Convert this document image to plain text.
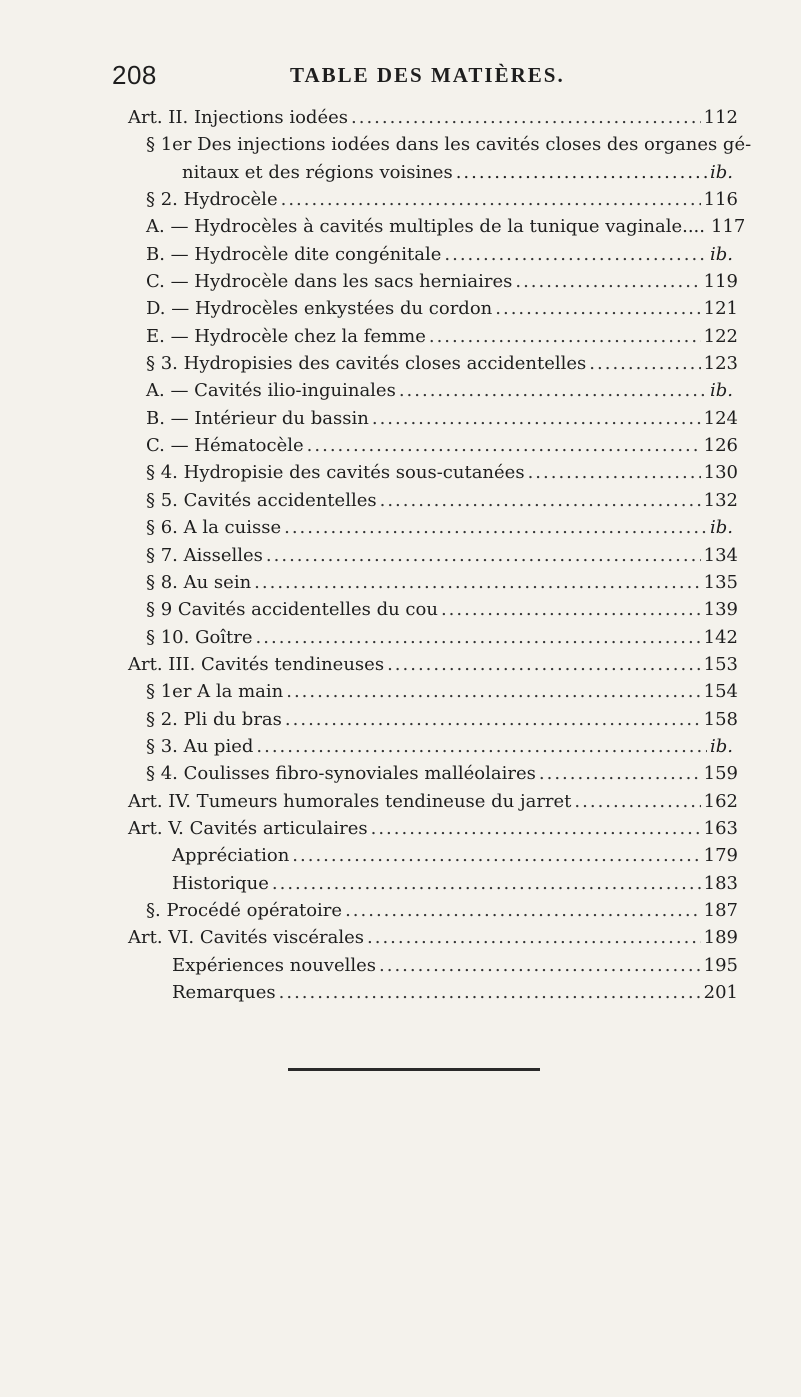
208	TABLE DES MATIÈRES.
Art. II. Injections iodées .....	112
§ 1er Des injections iodées dans les cavités closes des organes gé-
nitaux et des régions voisines .....	ib.
§ 2. Hydrocèle .....	116
A. — Hydrocèles à cavités multiples de la tunique vaginale.... 117
B. — Hydrocèle dite congénitale .....	ib.
C. — Hydrocèle dans les sacs herniaires .....	119
D. — Hydrocèles enkystées du cordon .....	121
E. — Hydrocèle chez la femme .....	122
§ 3. Hydropisies des cavités closes accidentelles .....	123
A. — Cavités ilio-inguinales .....	ib.
B. — Intérieur du bassin .....	124
C. — Hématocèle .....	126
§ 4. Hydropisie des cavités sous-cutanées .....	130
§ 5. Cavités accidentelles .....	132
§ 6. A la cuisse .....	ib.
§ 7. Aisselles .....	134
§ 8. Au sein .....	135
§ 9 Cavités accidentelles du cou .....	139
§ 10. Goître .....	142
Art. III. Cavités tendineuses .....	153
§ 1er A la main .....	154
§ 2. Pli du bras .....	158
§ 3. Au pied .....	ib.
§ 4. Coulisses fibro-synoviales malléolaires .....	159
Art. IV. Tumeurs humorales tendineuse du jarret .....	162
Art. V. Cavités articulaires .....	163
Appréciation .....	179
Historique .....	183
§. Procédé opératoire .....	187
Art. VI. Cavités viscérales .....	189
Expériences nouvelles .....	195
Remarques .....	201
